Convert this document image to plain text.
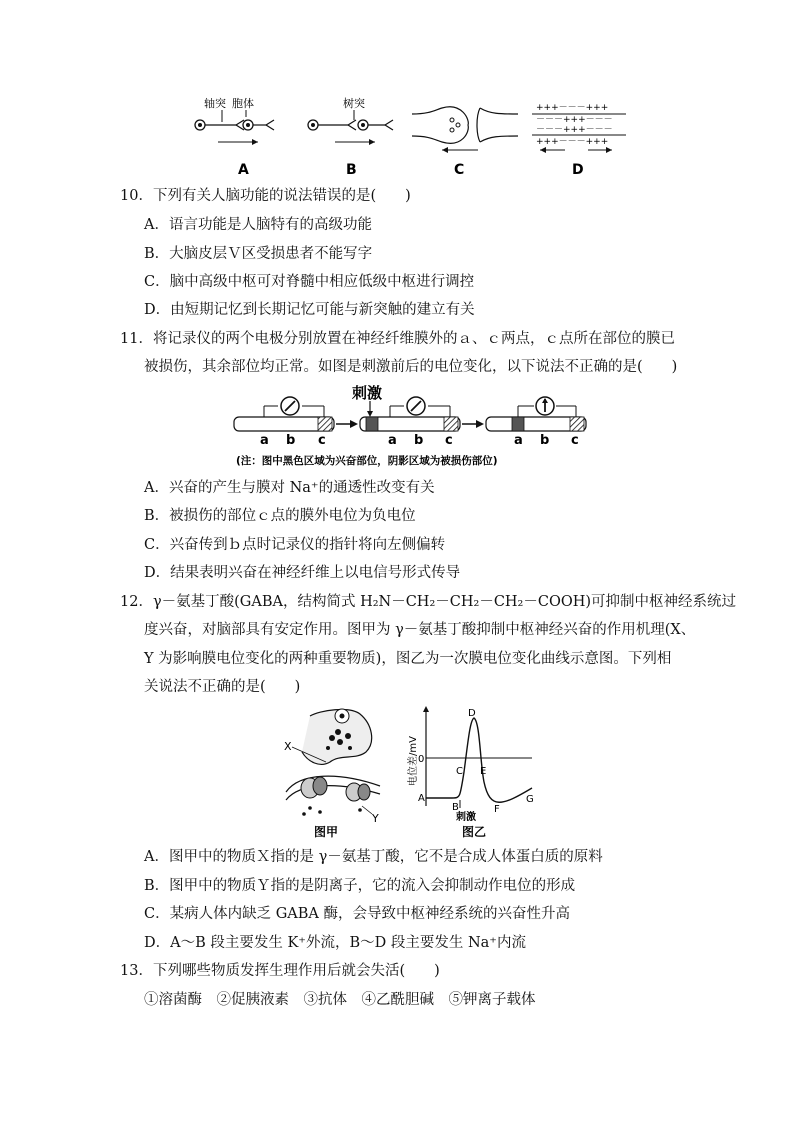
轴突 胞体	树突	+++－－－+++
－－－+++－－－
－－－+++－－－
+++－－－+++
A	B	C	D
10．下列有关人脑功能的说法错误的是(　　)
A．语言功能是人脑特有的高级功能
B．大脑皮层Ｖ区受损患者不能写字
C．脑中高级中枢可对脊髓中相应低级中枢进行调控
D．由短期记忆到长期记忆可能与新突触的建立有关
11．将记录仪的两个电极分别放置在神经纤维膜外的ａ、ｃ两点，ｃ点所在部位的膜已
被损伤，其余部位均正常。如图是刺激前后的电位变化，以下说法不正确的是(　　)
a b c
刺激
a b c	a b c
(注：图中黑色区域为兴奋部位，阴影区域为被损伤部位)
A．兴奋的产生与膜对 Na⁺的通透性改变有关
B．被损伤的部位ｃ点的膜外电位为负电位
C．兴奋传到ｂ点时记录仪的指针将向左侧偏转
D．结果表明兴奋在神经纤维上以电信号形式传导
12．γ－氨基丁酸(GABA，结构简式 H₂N－CH₂－CH₂－CH₂－COOH)可抑制中枢神经系统过
度兴奋，对脑部具有安定作用。图甲为 γ－氨基丁酸抑制中枢神经兴奋的作用机理(X、
Y 为影响膜电位变化的两种重要物质)，图乙为一次膜电位变化曲线示意图。下列相
关说法不正确的是(　　)
X
Y
图甲
电位差/mV 0
A
B
C
D
E
F
G
刺激
图乙
A．图甲中的物质Ｘ指的是 γ－氨基丁酸，它不是合成人体蛋白质的原料
B．图甲中的物质Ｙ指的是阴离子，它的流入会抑制动作电位的形成
C．某病人体内缺乏 GABA 酶，会导致中枢神经系统的兴奋性升高
D．A～B 段主要发生 K⁺外流，B～D 段主要发生 Na⁺内流
13．下列哪些物质发挥生理作用后就会失活(　　)
①溶菌酶　②促胰液素　③抗体　④乙酰胆碱　⑤钾离子载体
